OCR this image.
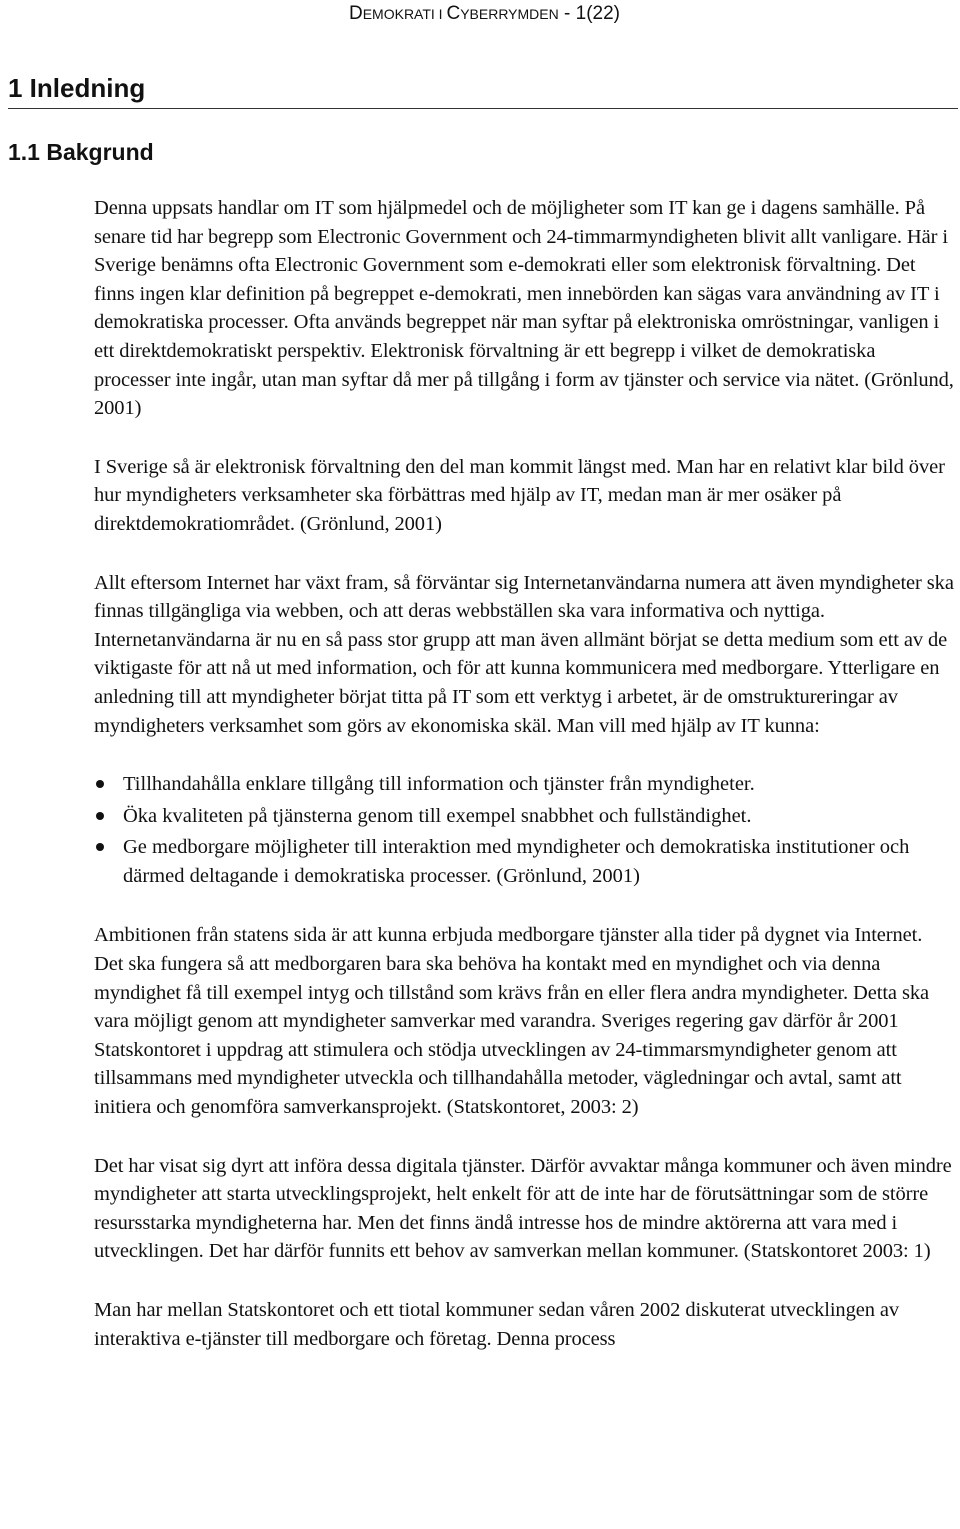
DEMOKRATI I CYBERRYMDEN - 1(22)
1 Inledning
1.1 Bakgrund

Denna uppsats handlar om IT som hjälpmedel och de möjligheter som IT kan ge i dagens samhälle. På senare tid har begrepp som Electronic Government och 24-timmarmyndigheten blivit allt vanligare. Här i Sverige benämns ofta Electronic Government som e-demokrati eller som elektronisk förvaltning. Det finns ingen klar definition på begreppet e-demokrati, men innebörden kan sägas vara användning av IT i demokratiska processer. Ofta används begreppet när man syftar på elektroniska omröstningar, vanligen i ett direktdemokratiskt perspektiv. Elektronisk förvaltning är ett begrepp i vilket de demokratiska processer inte ingår, utan man syftar då mer på tillgång i form av tjänster och service via nätet. (Grönlund, 2001)

I Sverige så är elektronisk förvaltning den del man kommit längst med. Man har en relativt klar bild över hur myndigheters verksamheter ska förbättras med hjälp av IT, medan man är mer osäker på direktdemokratiområdet. (Grönlund, 2001)

Allt eftersom Internet har växt fram, så förväntar sig Internetanvändarna numera att även myndigheter ska finnas tillgängliga via webben, och att deras webbställen ska vara informativa och nyttiga. Internetanvändarna är nu en så pass stor grupp att man även allmänt börjat se detta medium som ett av de viktigaste för att nå ut med information, och för att kunna kommunicera med medborgare. Ytterligare en anledning till att myndigheter börjat titta på IT som ett verktyg i arbetet, är de omstruktureringar av myndigheters verksamhet som görs av ekonomiska skäl. Man vill med hjälp av IT kunna:

Tillhandahålla enklare tillgång till information och tjänster från myndigheter.
Öka kvaliteten på tjänsterna genom till exempel snabbhet och fullständighet.
Ge medborgare möjligheter till interaktion med myndigheter och demokratiska institutioner och därmed deltagande i demokratiska processer. (Grönlund, 2001)

Ambitionen från statens sida är att kunna erbjuda medborgare tjänster alla tider på dygnet via Internet. Det ska fungera så att medborgaren bara ska behöva ha kontakt med en myndighet och via denna myndighet få till exempel intyg och tillstånd som krävs från en eller flera andra myndigheter. Detta ska vara möjligt genom att myndigheter samverkar med varandra. Sveriges regering gav därför år 2001 Statskontoret i uppdrag att stimulera och stödja utvecklingen av 24-timmarsmyndigheter genom att tillsammans med myndigheter utveckla och tillhandahålla metoder, vägledningar och avtal, samt att initiera och genomföra samverkansprojekt. (Statskontoret, 2003: 2)

Det har visat sig dyrt att införa dessa digitala tjänster. Därför avvaktar många kommuner och även mindre myndigheter att starta utvecklingsprojekt, helt enkelt för att de inte har de förutsättningar som de större resursstarka myndigheterna har. Men det finns ändå intresse hos de mindre aktörerna att vara med i utvecklingen. Det har därför funnits ett behov av samverkan mellan kommuner. (Statskontoret 2003: 1)

Man har mellan Statskontoret och ett tiotal kommuner sedan våren 2002 diskuterat utvecklingen av interaktiva e-tjänster till medborgare och företag. Denna process
